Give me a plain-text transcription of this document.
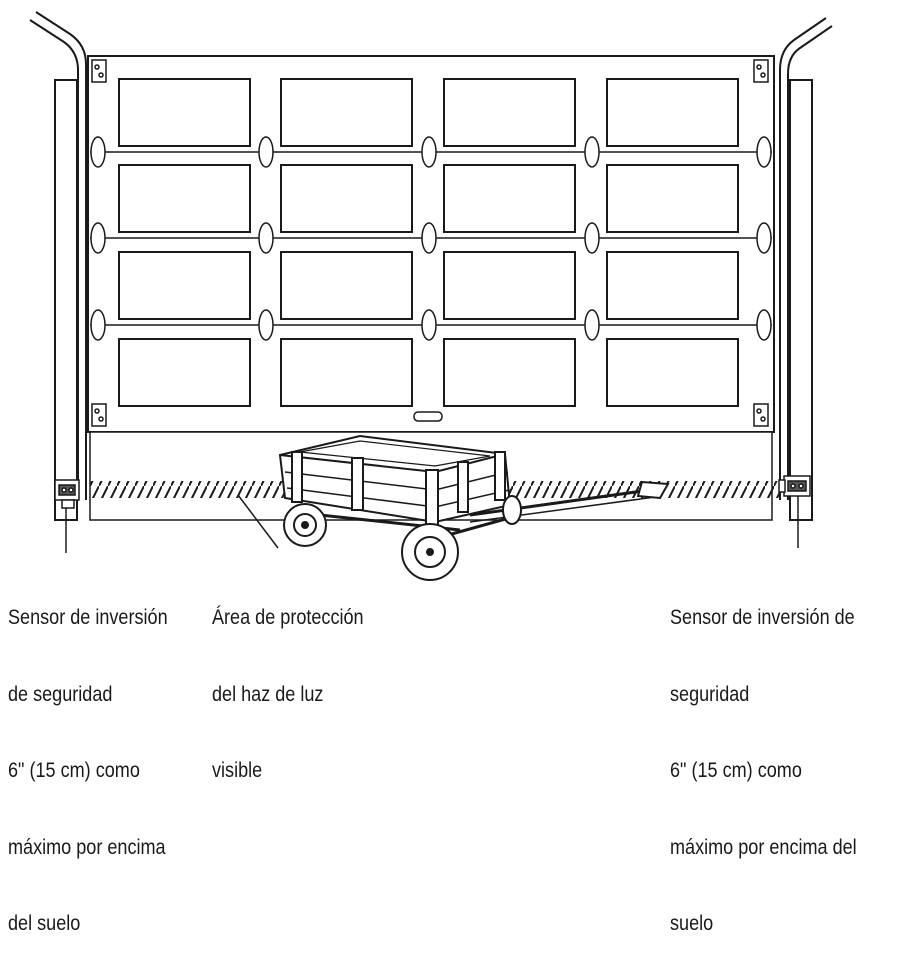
Sensor de inversión

de seguridad

6" (15 cm) como

máximo por encima

del suelo

Área de protección

del haz de luz

visible

Sensor de inversión de

seguridad

6" (15 cm) como

máximo por encima del

suelo
